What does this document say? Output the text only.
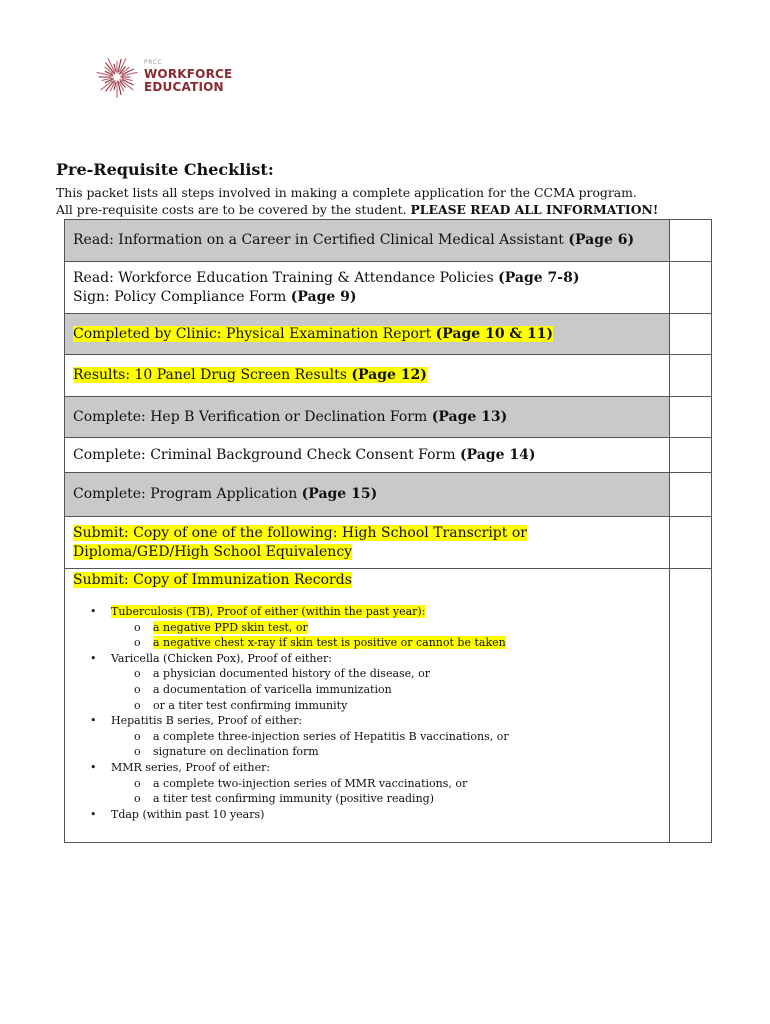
PRCC
WORKFORCE
EDUCATION
Pre-Requisite Checklist:
This packet lists all steps involved in making a complete application for the CCMA program.
All pre-requisite costs are to be covered by the student. PLEASE READ ALL INFORMATION!
Read: Information on a Career in Certified Clinical Medical Assistant (Page 6)
Read: Workforce Education Training & Attendance Policies (Page 7-8)
Sign: Policy Compliance Form (Page 9)
Completed by Clinic: Physical Examination Report (Page 10 & 11)
Results: 10 Panel Drug Screen Results (Page 12)
Complete: Hep B Verification or Declination Form (Page 13)
Complete: Criminal Background Check Consent Form (Page 14)
Complete: Program Application (Page 15)
Submit: Copy of one of the following: High School Transcript or
Diploma/GED/High School Equivalency
Submit: Copy of Immunization Records
• Tuberculosis (TB), Proof of either (within the past year):
o a negative PPD skin test, or
o a negative chest x-ray if skin test is positive or cannot be taken
• Varicella (Chicken Pox), Proof of either:
o a physician documented history of the disease, or
o a documentation of varicella immunization
o or a titer test confirming immunity
• Hepatitis B series, Proof of either:
o a complete three-injection series of Hepatitis B vaccinations, or
o signature on declination form
• MMR series, Proof of either:
o a complete two-injection series of MMR vaccinations, or
o a titer test confirming immunity (positive reading)
• Tdap (within past 10 years)
